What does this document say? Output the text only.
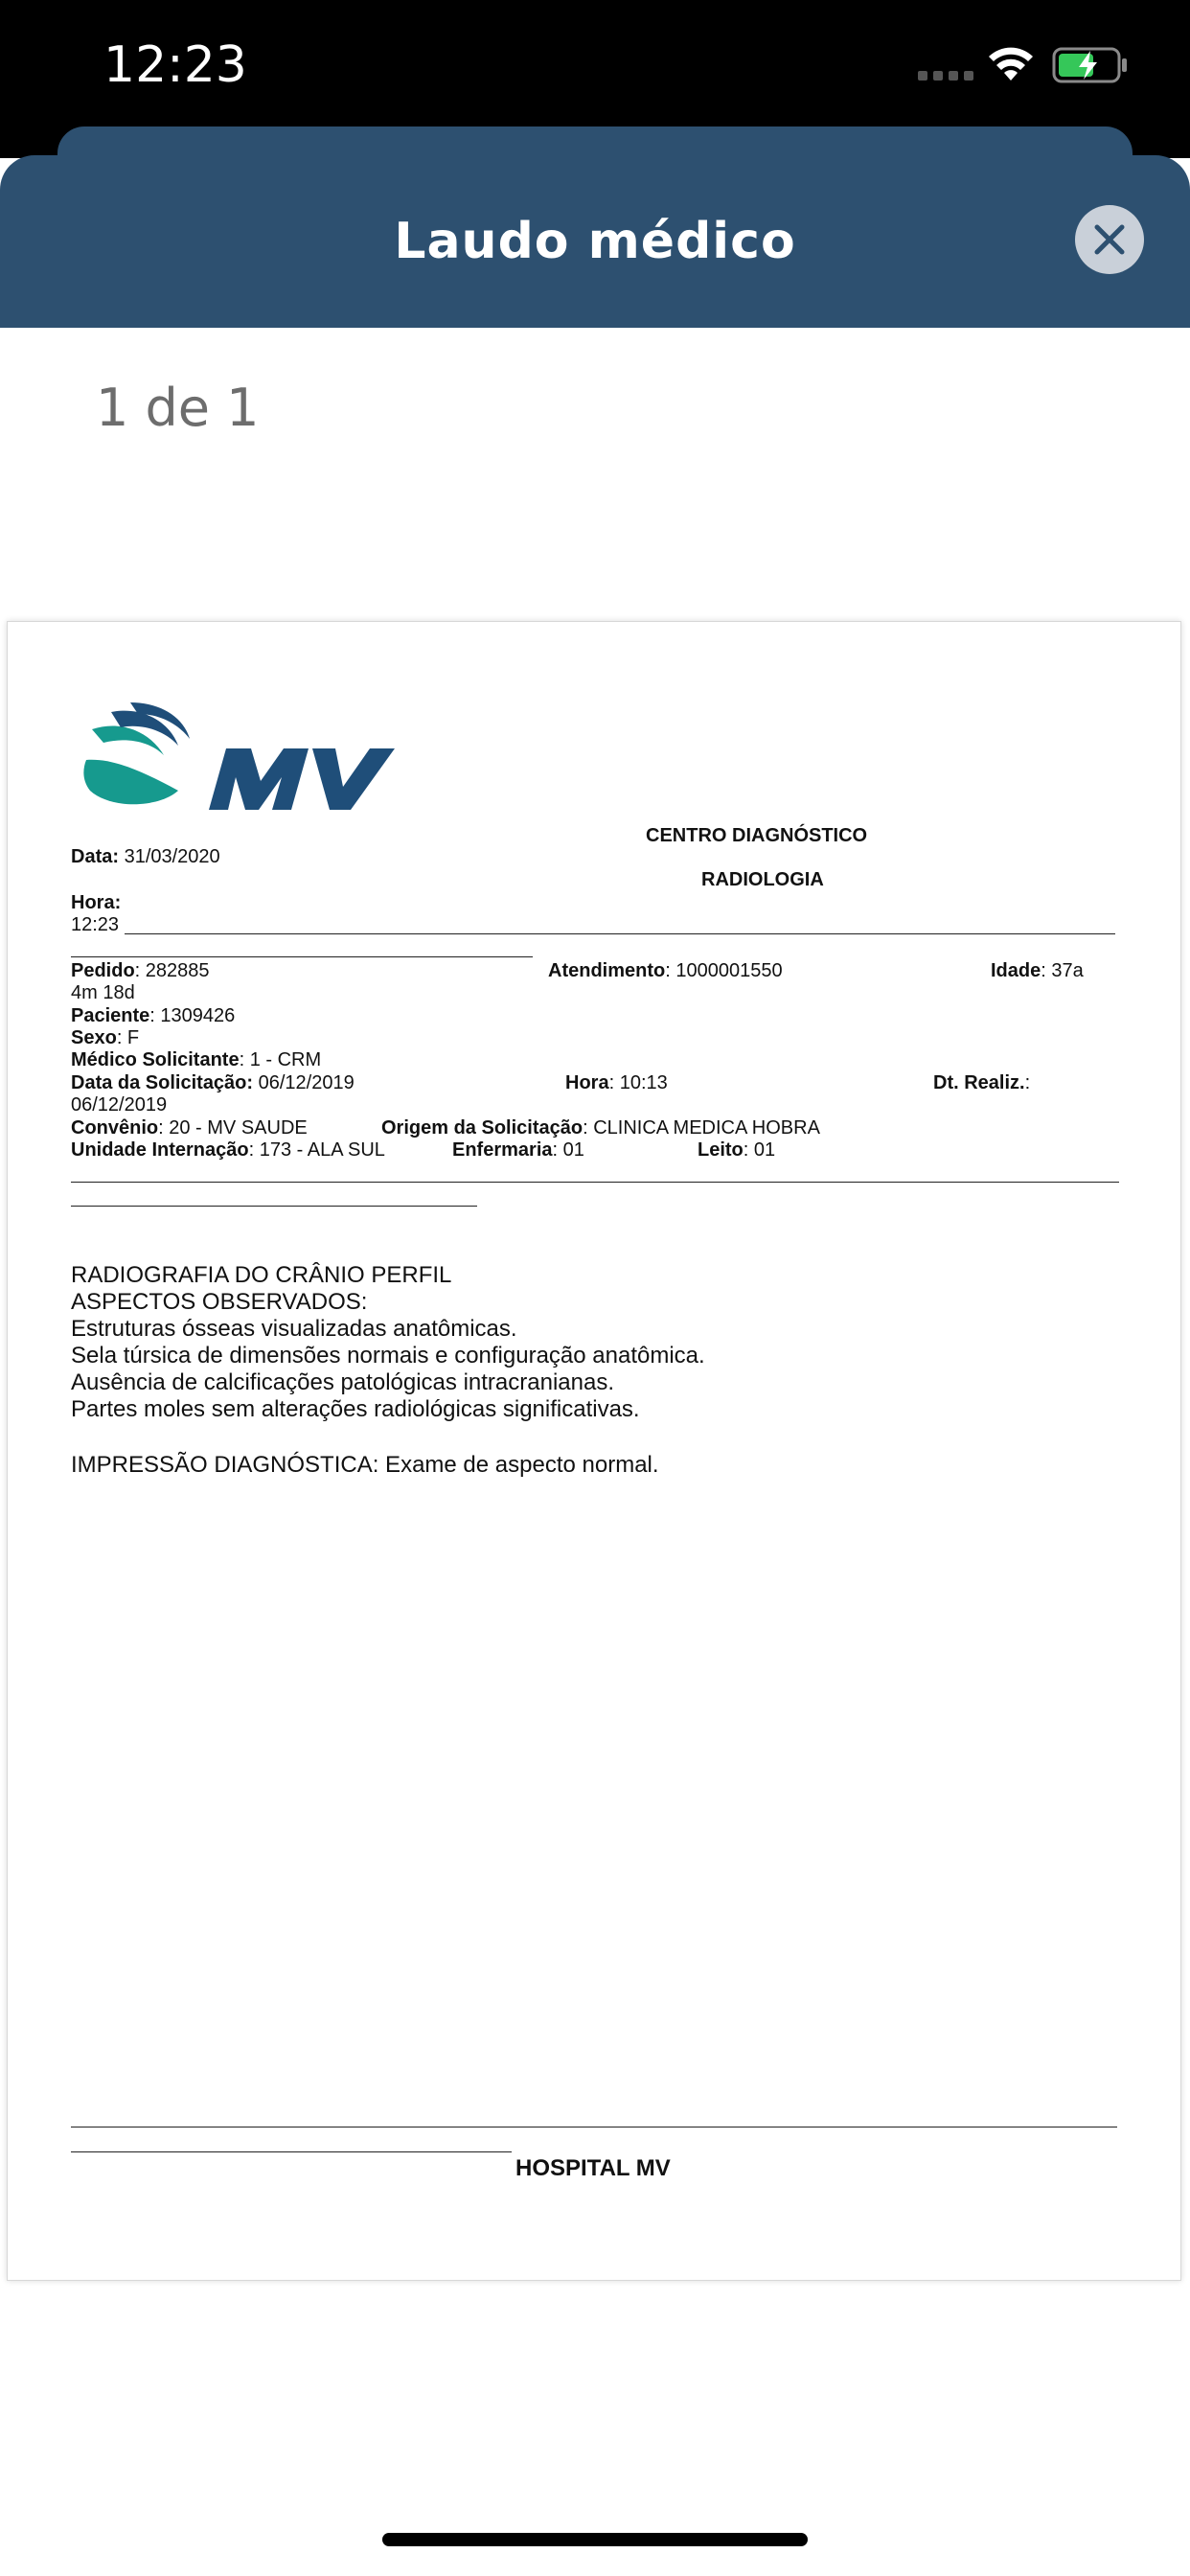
12:23
Laudo médico
1 de 1
CENTRO DIAGNÓSTICO
Data: 31/03/2020
RADIOLOGIA
Hora:
12:23
Pedido: 282885	Atendimento: 1000001550	Idade: 37a
4m 18d
Paciente: 1309426
Sexo: F
Médico Solicitante: 1 - CRM
Data da Solicitação: 06/12/2019	Hora: 10:13	Dt. Realiz.:
06/12/2019
Convênio: 20 - MV SAUDE	Origem da Solicitação: CLINICA MEDICA HOBRA
Unidade Internação: 173 - ALA SUL	Enfermaria: 01	Leito: 01
RADIOGRAFIA DO CRÂNIO PERFIL
ASPECTOS OBSERVADOS:
Estruturas ósseas visualizadas anatômicas.
Sela túrsica de dimensões normais e configuração anatômica.
Ausência de calcificações patológicas intracranianas.
Partes moles sem alterações radiológicas significativas.
IMPRESSÃO DIAGNÓSTICA: Exame de aspecto normal.
HOSPITAL MV
